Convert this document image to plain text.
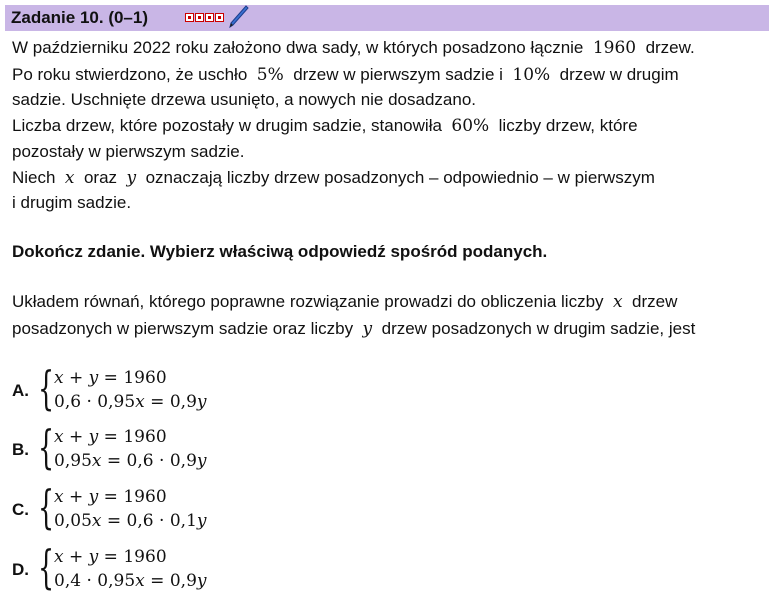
Zadanie 10. (0–1)
W październiku 2022 roku założono dwa sady, w których posadzono łącznie 1960 drzew.
Po roku stwierdzono, że uschło 5% drzew w pierwszym sadzie i 10% drzew w drugim
sadzie. Uschnięte drzewa usunięto, a nowych nie dosadzano.
Liczba drzew, które pozostały w drugim sadzie, stanowiła 60% liczby drzew, które
pozostały w pierwszym sadzie.
Niech x oraz y oznaczają liczby drzew posadzonych – odpowiednio – w pierwszym
i drugim sadzie.
Dokończ zdanie. Wybierz właściwą odpowiedź spośród podanych.
Układem równań, którego poprawne rozwiązanie prowadzi do obliczenia liczby x drzew
posadzonych w pierwszym sadzie oraz liczby y drzew posadzonych w drugim sadzie, jest
A. { x + y = 1960
0,6 · 0,95x = 0,9y
B. { x + y = 1960
0,95x = 0,6 · 0,9y
C. { x + y = 1960
0,05x = 0,6 · 0,1y
D. { x + y = 1960
0,4 · 0,95x = 0,9y
